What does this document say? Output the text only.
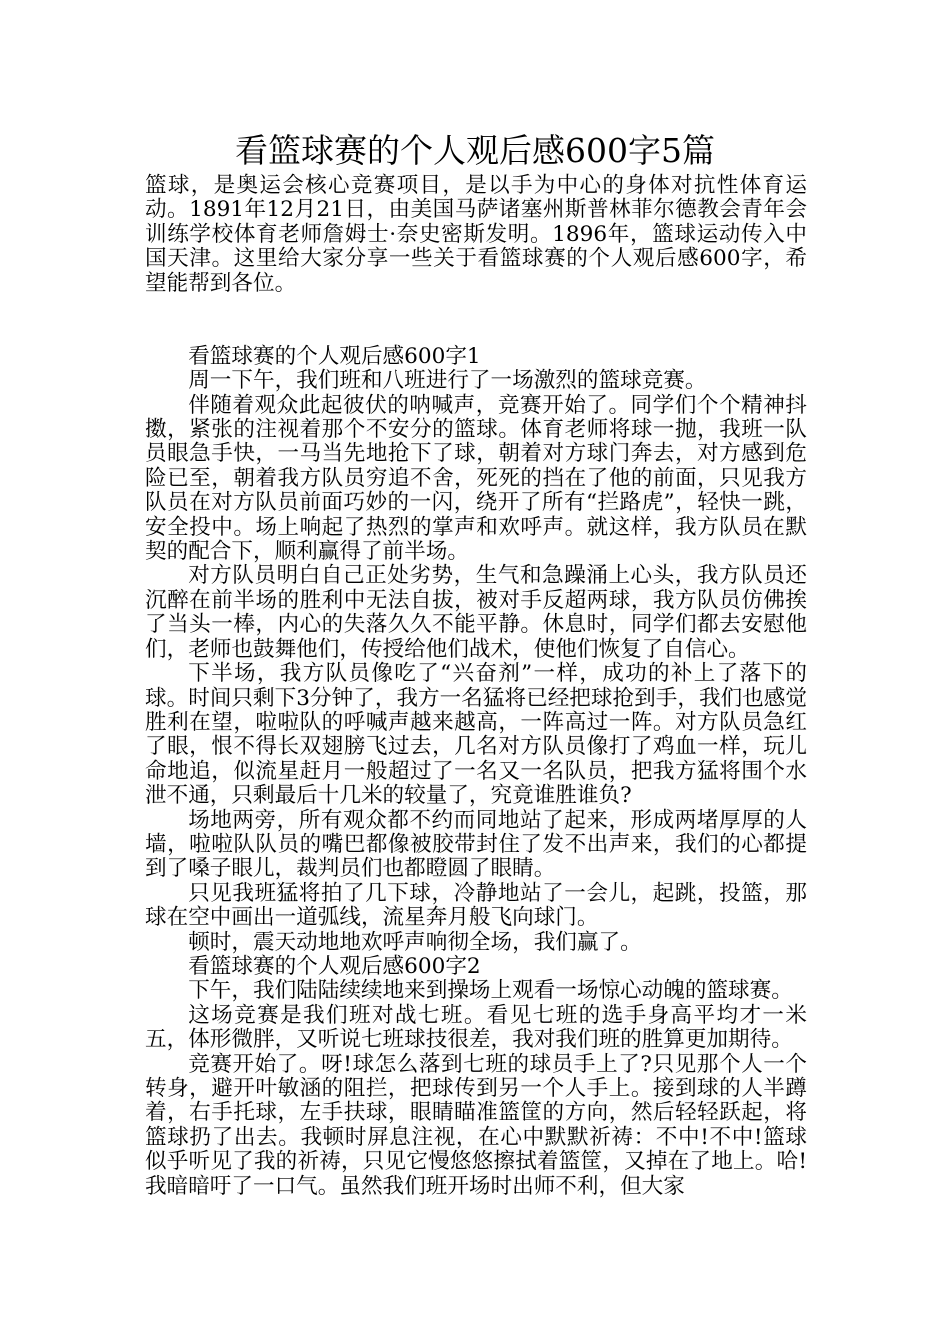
看篮球赛的个人观后感600字5篇

篮球，是奥运会核心竞赛项目，是以手为中心的身体对抗性体育运动。1891年12月21日，由美国马萨诸塞州斯普林菲尔德教会青年会训练学校体育老师詹姆士·奈史密斯发明。1896年，篮球运动传入中国天津。这里给大家分享一些关于看篮球赛的个人观后感600字，希望能帮到各位。

看篮球赛的个人观后感600字1

周一下午，我们班和八班进行了一场激烈的篮球竞赛。

伴随着观众此起彼伏的呐喊声，竞赛开始了。同学们个个精神抖擞，紧张的注视着那个不安分的篮球。体育老师将球一抛，我班一队员眼急手快，一马当先地抢下了球，朝着对方球门奔去，对方感到危险已至，朝着我方队员穷追不舍，死死的挡在了他的前面，只见我方队员在对方队员前面巧妙的一闪，绕开了所有“拦路虎”，轻快一跳，安全投中。场上响起了热烈的掌声和欢呼声。就这样，我方队员在默契的配合下，顺利赢得了前半场。

对方队员明白自己正处劣势，生气和急躁涌上心头，我方队员还沉醉在前半场的胜利中无法自拔，被对手反超两球，我方队员仿佛挨了当头一棒，内心的失落久久不能平静。休息时，同学们都去安慰他们，老师也鼓舞他们，传授给他们战术，使他们恢复了自信心。

下半场，我方队员像吃了“兴奋剂”一样，成功的补上了落下的球。时间只剩下3分钟了，我方一名猛将已经把球抢到手，我们也感觉胜利在望，啦啦队的呼喊声越来越高，一阵高过一阵。对方队员急红了眼，恨不得长双翅膀飞过去，几名对方队员像打了鸡血一样，玩儿命地追，似流星赶月一般超过了一名又一名队员，把我方猛将围个水泄不通，只剩最后十几米的较量了，究竟谁胜谁负?

场地两旁，所有观众都不约而同地站了起来，形成两堵厚厚的人墙，啦啦队队员的嘴巴都像被胶带封住了发不出声来，我们的心都提到了嗓子眼儿，裁判员们也都瞪圆了眼睛。

只见我班猛将拍了几下球，冷静地站了一会儿，起跳，投篮，那球在空中画出一道弧线，流星奔月般飞向球门。

顿时，震天动地地欢呼声响彻全场，我们赢了。

看篮球赛的个人观后感600字2

下午，我们陆陆续续地来到操场上观看一场惊心动魄的篮球赛。

这场竞赛是我们班对战七班。看见七班的选手身高平均才一米五，体形微胖，又听说七班球技很差，我对我们班的胜算更加期待。

竞赛开始了。呀!球怎么落到七班的球员手上了?只见那个人一个转身，避开叶敏涵的阻拦，把球传到另一个人手上。接到球的人半蹲着，右手托球，左手扶球，眼睛瞄准篮筐的方向，然后轻轻跃起，将篮球扔了出去。我顿时屏息注视，在心中默默祈祷：不中!不中!篮球似乎听见了我的祈祷，只见它慢悠悠擦拭着篮筐，又掉在了地上。哈!我暗暗吁了一口气。虽然我们班开场时出师不利，但大家
